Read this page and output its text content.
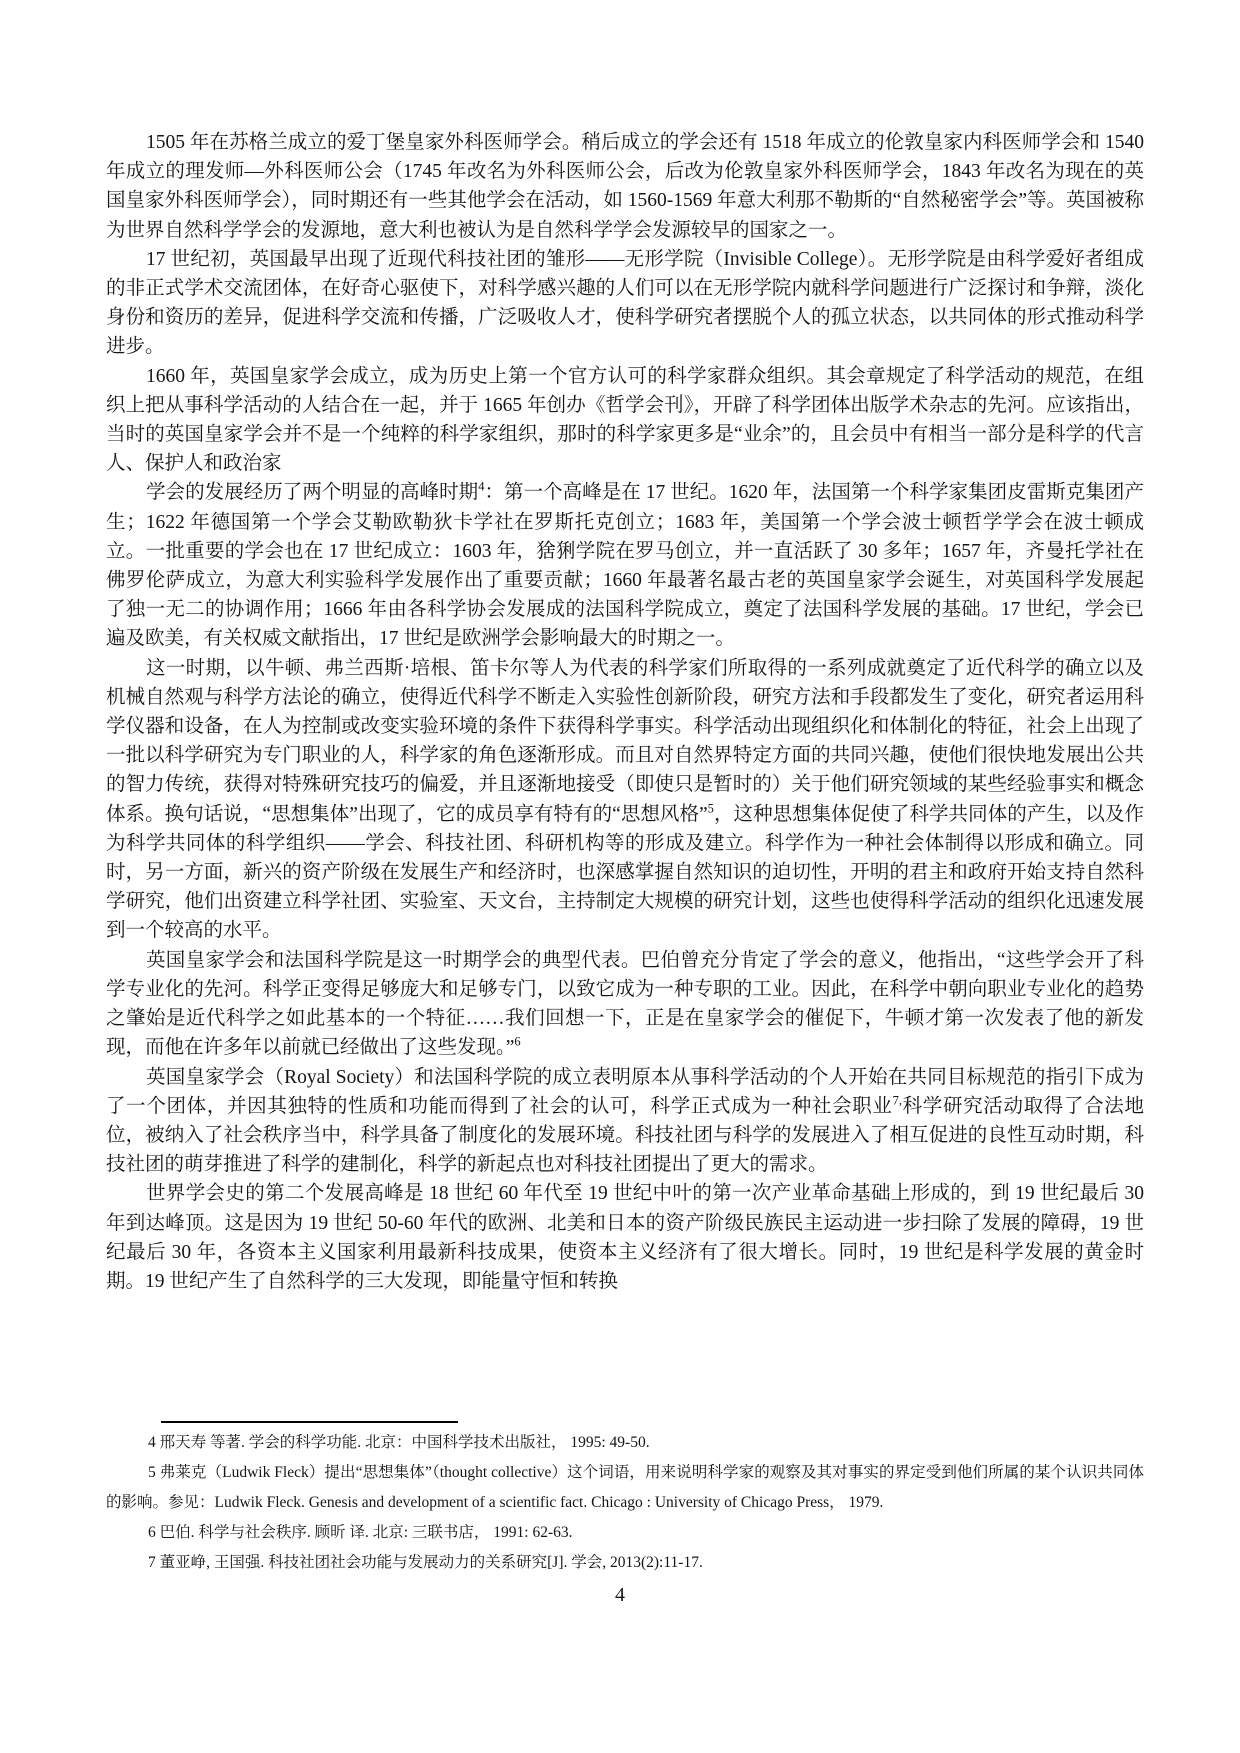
1505 年在苏格兰成立的爱丁堡皇家外科医师学会。稍后成立的学会还有 1518 年成立的伦敦皇家内科医师学会和 1540 年成立的理发师—外科医师公会（1745 年改名为外科医师公会，后改为伦敦皇家外科医师学会，1843 年改名为现在的英国皇家外科医师学会），同时期还有一些其他学会在活动，如 1560-1569 年意大利那不勒斯的“自然秘密学会”等。英国被称为世界自然科学学会的发源地，意大利也被认为是自然科学学会发源较早的国家之一。

17 世纪初，英国最早出现了近现代科技社团的雏形——无形学院（Invisible College）。无形学院是由科学爱好者组成的非正式学术交流团体，在好奇心驱使下，对科学感兴趣的人们可以在无形学院内就科学问题进行广泛探讨和争辩，淡化身份和资历的差异，促进科学交流和传播，广泛吸收人才，使科学研究者摆脱个人的孤立状态，以共同体的形式推动科学进步。

1660 年，英国皇家学会成立，成为历史上第一个官方认可的科学家群众组织。其会章规定了科学活动的规范，在组织上把从事科学活动的人结合在一起，并于 1665 年创办《哲学会刊》，开辟了科学团体出版学术杂志的先河。应该指出，当时的英国皇家学会并不是一个纯粹的科学家组织，那时的科学家更多是“业余”的，且会员中有相当一部分是科学的代言人、保护人和政治家

学会的发展经历了两个明显的高峰时期$^4$：第一个高峰是在 17 世纪。1620 年，法国第一个科学家集团皮雷斯克集团产生；1622 年德国第一个学会艾勒欧勒狄卡学社在罗斯托克创立；1683 年，美国第一个学会波士顿哲学学会在波士顿成立。一批重要的学会也在 17 世纪成立：1603 年，猞猁学院在罗马创立，并一直活跃了 30 多年；1657 年，齐曼托学社在佛罗伦萨成立，为意大利实验科学发展作出了重要贡献；1660 年最著名最古老的英国皇家学会诞生，对英国科学发展起了独一无二的协调作用；1666 年由各科学协会发展成的法国科学院成立，奠定了法国科学发展的基础。17 世纪，学会已遍及欧美，有关权威文献指出，17 世纪是欧洲学会影响最大的时期之一。

这一时期，以牛顿、弗兰西斯·培根、笛卡尔等人为代表的科学家们所取得的一系列成就奠定了近代科学的确立以及机械自然观与科学方法论的确立，使得近代科学不断走入实验性创新阶段，研究方法和手段都发生了变化，研究者运用科学仪器和设备，在人为控制或改变实验环境的条件下获得科学事实。科学活动出现组织化和体制化的特征，社会上出现了一批以科学研究为专门职业的人，科学家的角色逐渐形成。而且对自然界特定方面的共同兴趣，使他们很快地发展出公共的智力传统，获得对特殊研究技巧的偏爱，并且逐渐地接受（即使只是暂时的）关于他们研究领域的某些经验事实和概念体系。换句话说，“思想集体”出现了，它的成员享有特有的“思想风格”$^5$，这种思想集体促使了科学共同体的产生，以及作为科学共同体的科学组织——学会、科技社团、科研机构等的形成及建立。科学作为一种社会体制得以形成和确立。同时，另一方面，新兴的资产阶级在发展生产和经济时，也深感掌握自然知识的迫切性，开明的君主和政府开始支持自然科学研究，他们出资建立科学社团、实验室、天文台，主持制定大规模的研究计划，这些也使得科学活动的组织化迅速发展到一个较高的水平。

英国皇家学会和法国科学院是这一时期学会的典型代表。巴伯曾充分肯定了学会的意义，他指出，“这些学会开了科学专业化的先河。科学正变得足够庞大和足够专门，以致它成为一种专职的工业。因此，在科学中朝向职业专业化的趋势之肇始是近代科学之如此基本的一个特征……我们回想一下，正是在皇家学会的催促下，牛顿才第一次发表了他的新发现，而他在许多年以前就已经做出了这些发现。”$^6$

英国皇家学会（Royal Society）和法国科学院的成立表明原本从事科学活动的个人开始在共同目标规范的指引下成为了一个团体，并因其独特的性质和功能而得到了社会的认可，科学正式成为一种社会职业$^{7,}$科学研究活动取得了合法地位，被纳入了社会秩序当中，科学具备了制度化的发展环境。科技社团与科学的发展进入了相互促进的良性互动时期，科技社团的萌芽推进了科学的建制化，科学的新起点也对科技社团提出了更大的需求。

世界学会史的第二个发展高峰是 18 世纪 60 年代至 19 世纪中叶的第一次产业革命基础上形成的，到 19 世纪最后 30 年到达峰顶。这是因为 19 世纪 50-60 年代的欧洲、北美和日本的资产阶级民族民主运动进一步扫除了发展的障碍，19 世纪最后 30 年，各资本主义国家利用最新科技成果，使资本主义经济有了很大增长。同时，19 世纪是科学发展的黄金时期。19 世纪产生了自然科学的三大发现，即能量守恒和转换

4 邢天寿 等著. 学会的科学功能. 北京：中国科学技术出版社， 1995: 49-50.

5 弗莱克（Ludwik Fleck）提出“思想集体”（thought collective）这个词语，用来说明科学家的观察及其对事实的界定受到他们所属的某个认识共同体的影响。参见：Ludwik Fleck. Genesis and development of a scientific fact. Chicago : University of Chicago Press， 1979.

6 巴伯. 科学与社会秩序. 顾昕 译. 北京: 三联书店， 1991: 62-63.

7 董亚峥, 王国强. 科技社团社会功能与发展动力的关系研究[J]. 学会, 2013(2):11-17.

4
